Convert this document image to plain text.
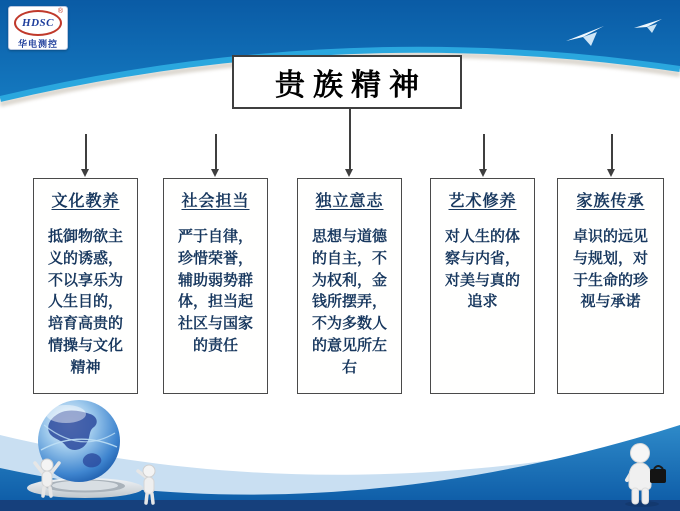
HDSC
®
华电测控
贵族精神
文化教养
抵御物欲主义的诱惑，不以享乐为人生目的，培育高贵的情操与文化精神
社会担当
严于自律，珍惜荣誉，辅助弱势群体，担当起社区与国家的责任
独立意志
思想与道德的自主，不为权利，金钱所摆弄，不为多数人的意见所左右
艺术修养
对人生的体察与内省，对美与真的追求
家族传承
卓识的远见与规划，对于生命的珍视与承诺
